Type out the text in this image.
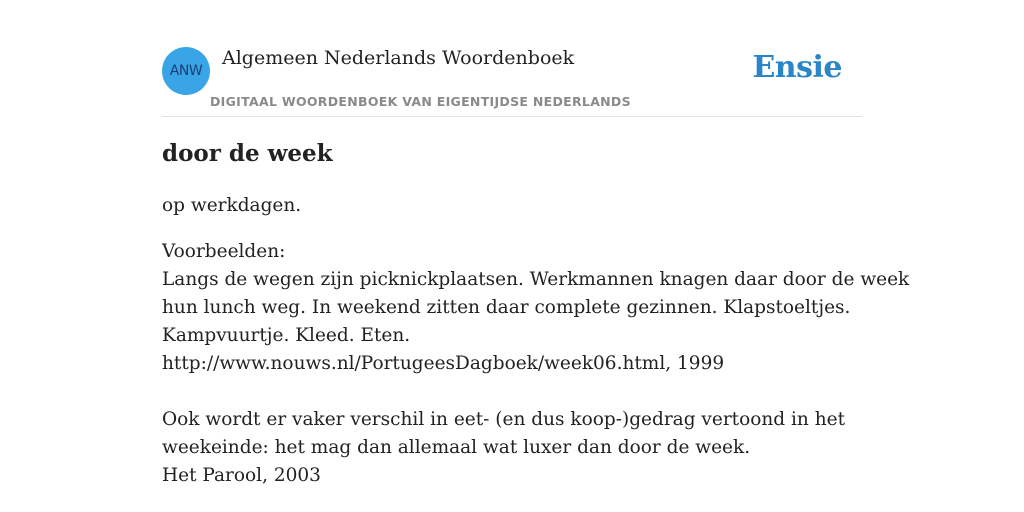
ANW
Algemeen Nederlands Woordenboek
DIGITAAL WOORDENBOEK VAN EIGENTIJDSE NEDERLANDS
Ensie
door de week

op werkdagen.

Voorbeelden:
Langs de wegen zijn picknickplaatsen. Werkmannen knagen daar door de week
hun lunch weg. In weekend zitten daar complete gezinnen. Klapstoeltjes.
Kampvuurtje. Kleed. Eten.
http://www.nouws.nl/PortugeesDagboek/week06.html, 1999
Ook wordt er vaker verschil in eet- (en dus koop-)gedrag vertoond in het
weekeinde: het mag dan allemaal wat luxer dan door de week.
Het Parool, 2003
